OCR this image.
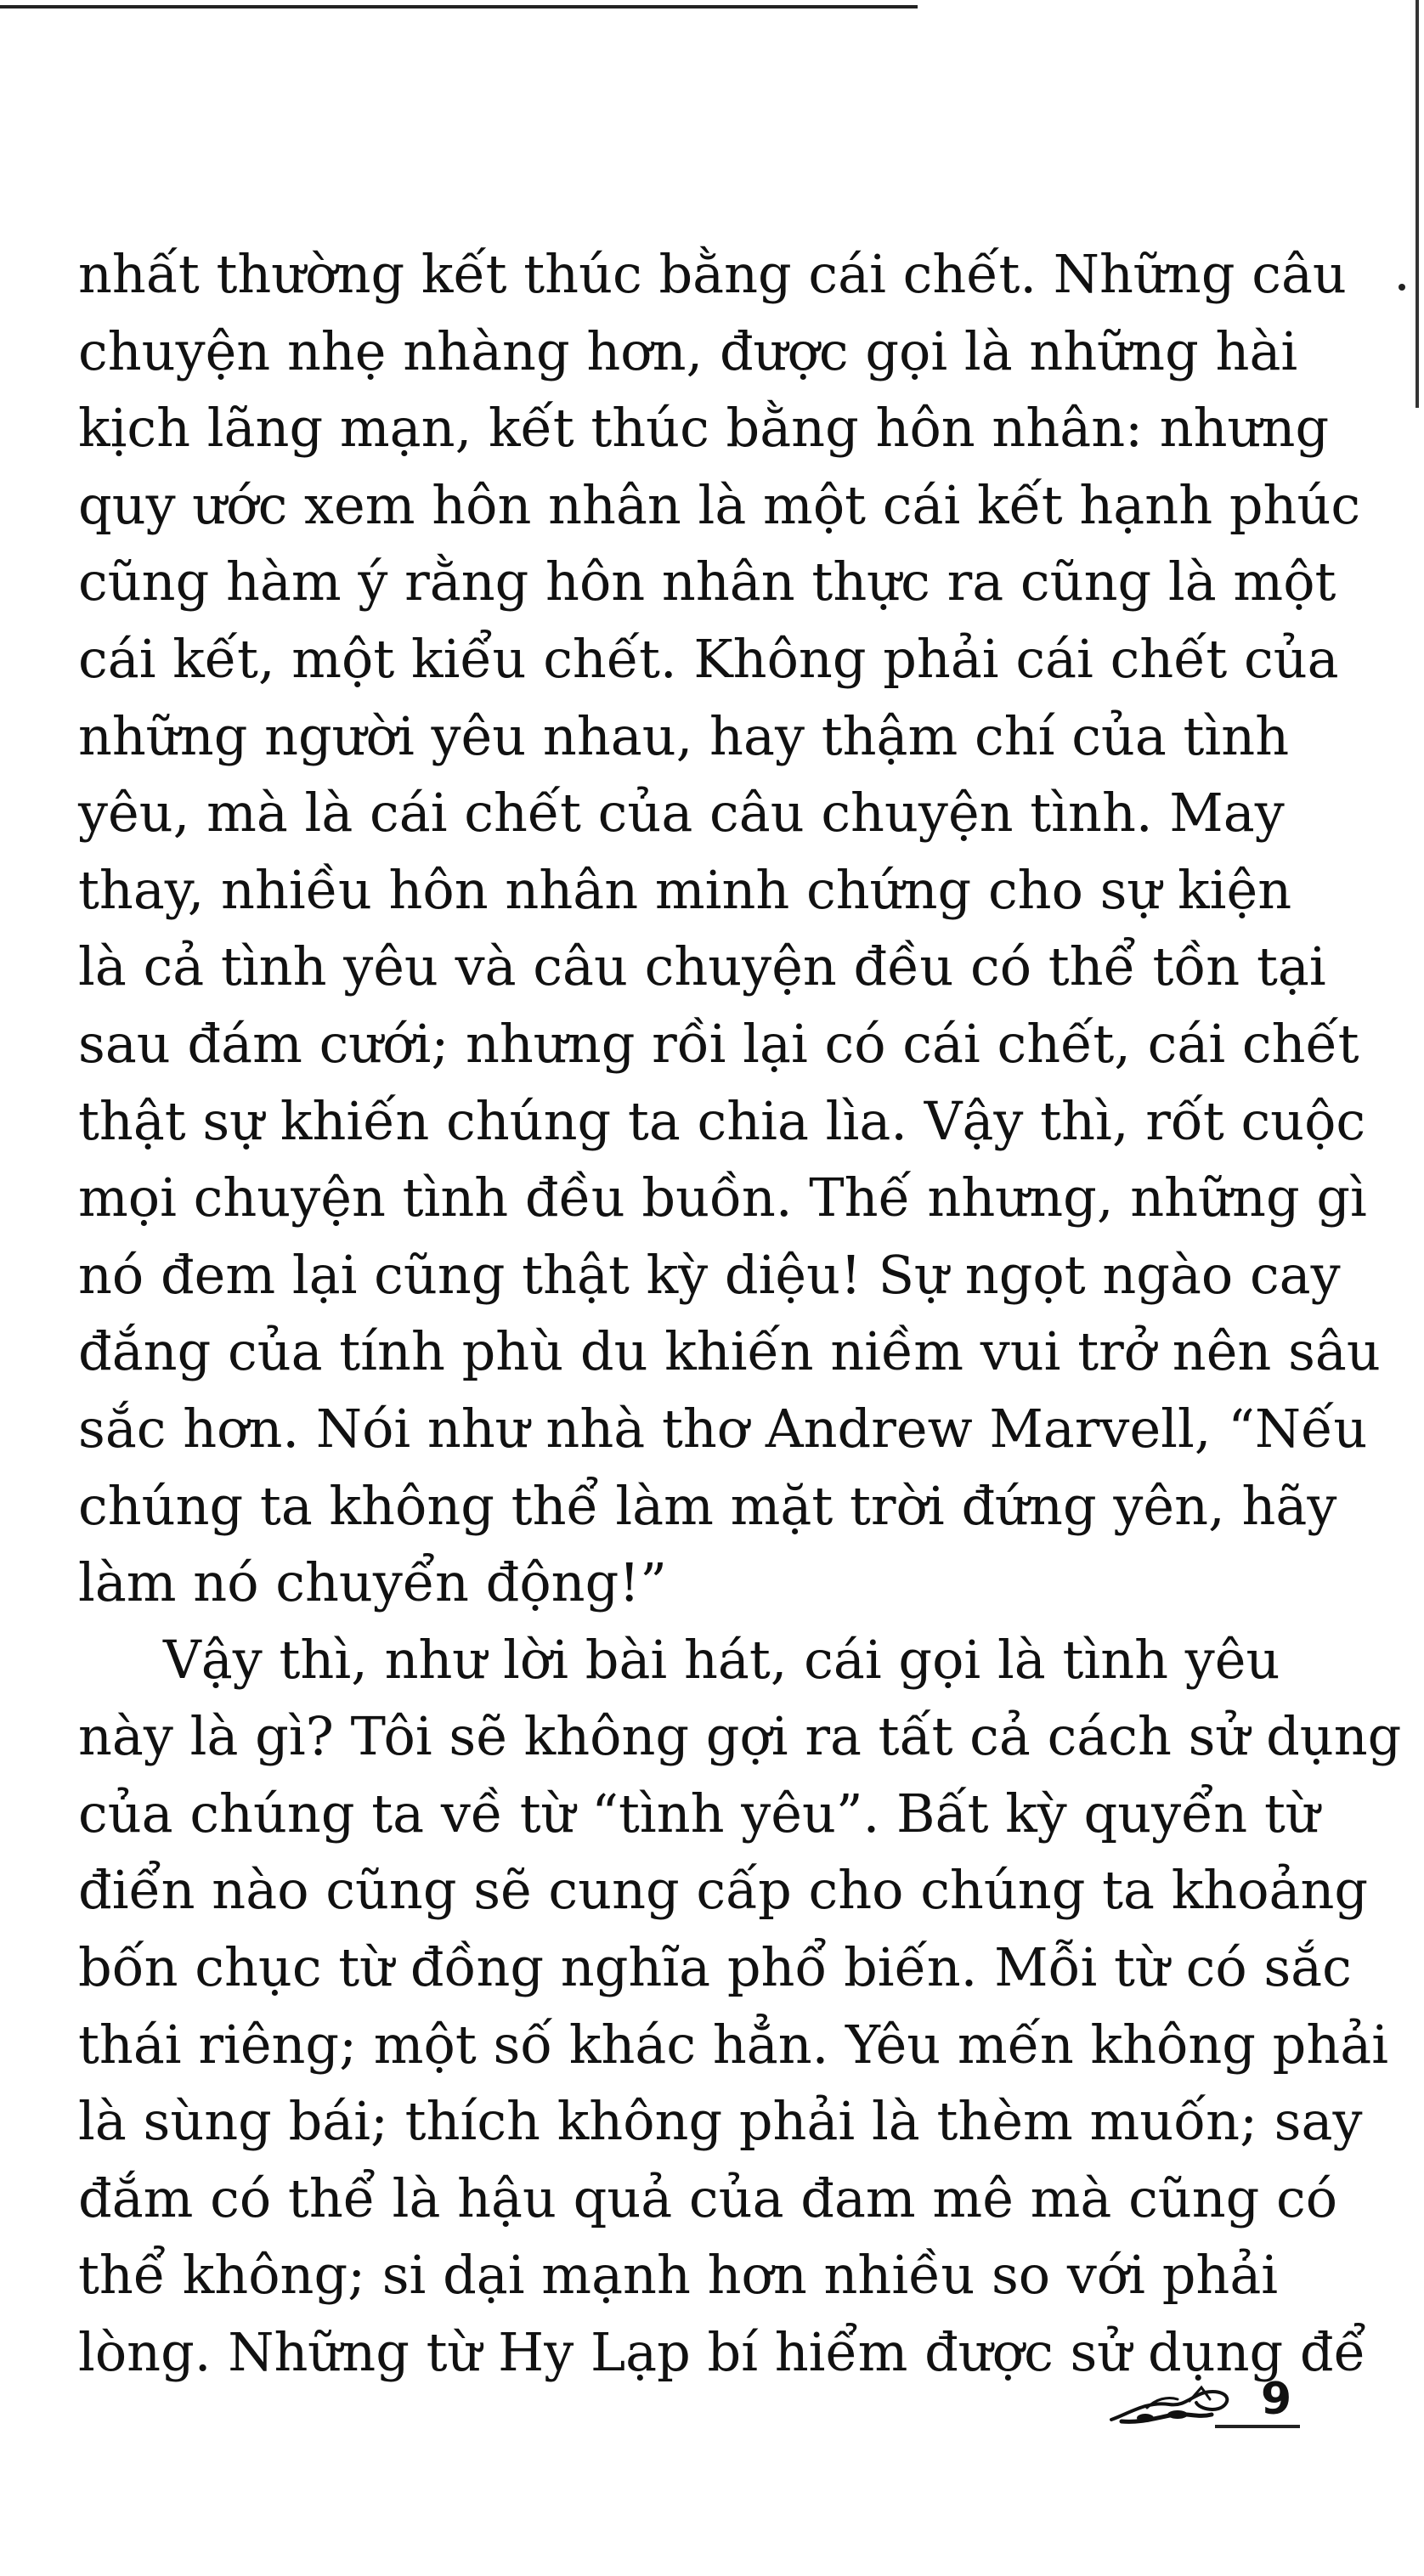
nhất thường kết thúc bằng cái chết. Những câu
chuyện nhẹ nhàng hơn, được gọi là những hài
kịch lãng mạn, kết thúc bằng hôn nhân: nhưng
quy ước xem hôn nhân là một cái kết hạnh phúc
cũng hàm ý rằng hôn nhân thực ra cũng là một
cái kết, một kiểu chết. Không phải cái chết của
những người yêu nhau, hay thậm chí của tình
yêu, mà là cái chết của câu chuyện tình. May
thay, nhiều hôn nhân minh chứng cho sự kiện
là cả tình yêu và câu chuyện đều có thể tồn tại
sau đám cưới; nhưng rồi lại có cái chết, cái chết
thật sự khiến chúng ta chia lìa. Vậy thì, rốt cuộc
mọi chuyện tình đều buồn. Thế nhưng, những gì
nó đem lại cũng thật kỳ diệu! Sự ngọt ngào cay
đắng của tính phù du khiến niềm vui trở nên sâu
sắc hơn. Nói như nhà thơ Andrew Marvell, “Nếu
chúng ta không thể làm mặt trời đứng yên, hãy
làm nó chuyển động!”
Vậy thì, như lời bài hát, cái gọi là tình yêu
này là gì? Tôi sẽ không gợi ra tất cả cách sử dụng
của chúng ta về từ “tình yêu”. Bất kỳ quyển từ
điển nào cũng sẽ cung cấp cho chúng ta khoảng
bốn chục từ đồng nghĩa phổ biến. Mỗi từ có sắc
thái riêng; một số khác hẳn. Yêu mến không phải
là sùng bái; thích không phải là thèm muốn; say
đắm có thể là hậu quả của đam mê mà cũng có
thể không; si dại mạnh hơn nhiều so với phải
lòng. Những từ Hy Lạp bí hiểm được sử dụng để
9
